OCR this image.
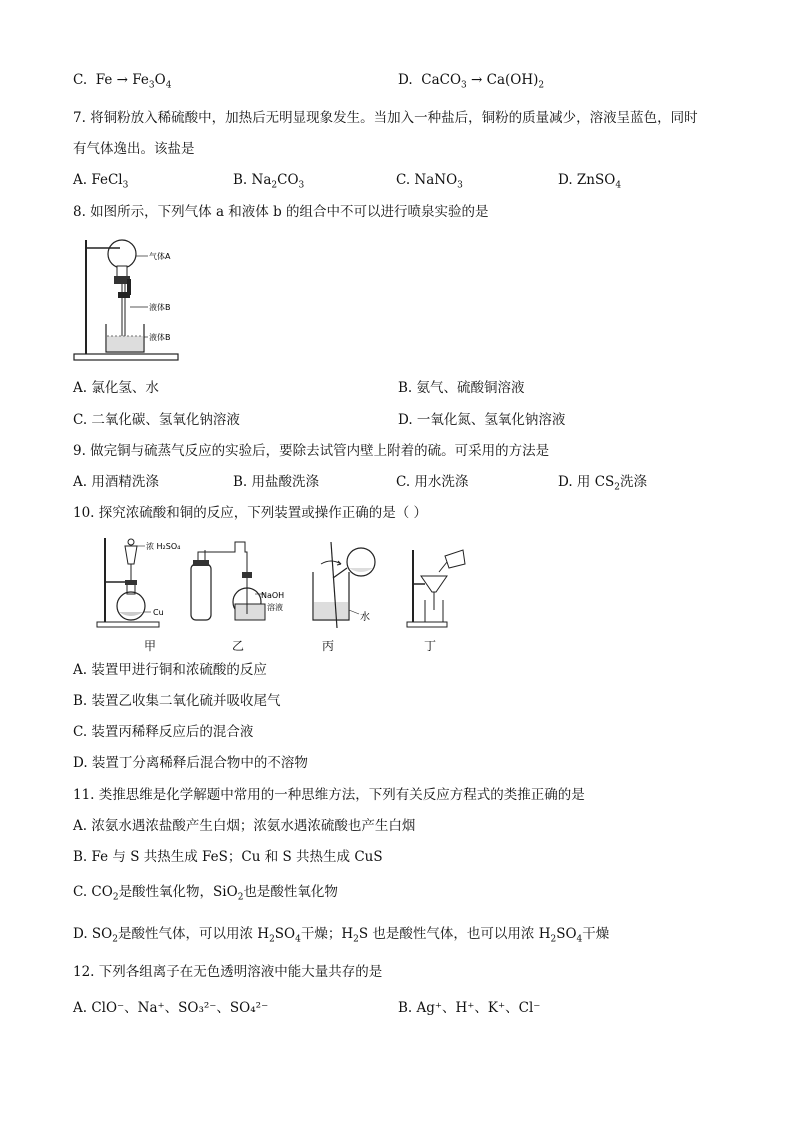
C. $Fe \to Fe_3O_4$	D. CaCO$_3$ → $Ca(OH)_2$
7. 将铜粉放入稀硫酸中，加热后无明显现象发生。当加入一种盐后，铜粉的质量减少，溶液呈蓝色，同时
有气体逸出。该盐是
A. FeCl$_3$	B. $Na_2CO_3$	C. NaNO$_3$	D. ZnSO$_4$
8. 如图所示，下列气体 a 和液体 b 的组合中不可以进行喷泉实验的是
气体A
液体B
液体B
A. 氯化氢、水	B. 氨气、硫酸铜溶液
C. 二氧化碳、氢氧化钠溶液	D. 一氧化氮、氢氧化钠溶液
9. 做完铜与硫蒸气反应的实验后，要除去试管内壁上附着的硫。可采用的方法是
A. 用酒精洗涤	B. 用盐酸洗涤	C. 用水洗涤	D. 用 $CS_2$洗涤
10. 探究浓硫酸和铜的反应，下列装置或操作正确的是（ ）
浓 H₂SO₄
Cu
NaOH
溶液
水
甲	乙	丙	丁
A. 装置甲进行铜和浓硫酸的反应
B. 装置乙收集二氧化硫并吸收尾气
C. 装置丙稀释反应后的混合液
D. 装置丁分离稀释后混合物中的不溶物
11. 类推思维是化学解题中常用的一种思维方法，下列有关反应方程式的类推正确的是
A. 浓氨水遇浓盐酸产生白烟；浓氨水遇浓硫酸也产生白烟
B. Fe 与 S 共热生成 FeS；Cu 和 S 共热生成 CuS
C. $CO_2$是酸性氧化物，SiO$_2$也是酸性氧化物
D. $SO_2$是酸性气体，可以用浓 $H_2SO_4$干燥；$H_2S$ 也是酸性气体，也可以用浓 $H_2SO_4$干燥
12. 下列各组离子在无色透明溶液中能大量共存的是
A. ClO⁻、Na⁺、SO₃²⁻、SO₄²⁻	B. Ag⁺、H⁺、K⁺、Cl⁻
